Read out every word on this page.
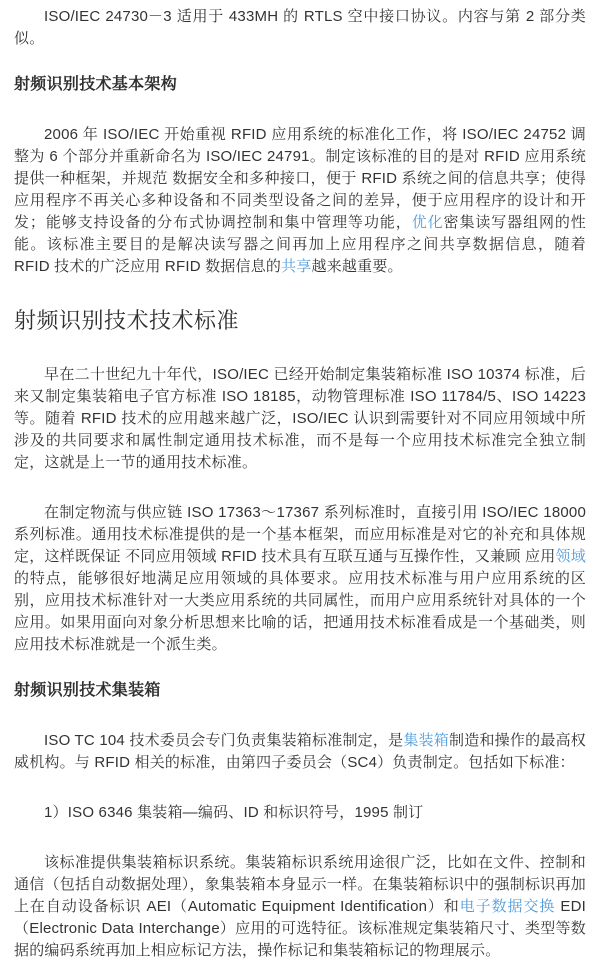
ISO/IEC 24730－3 适用于 433MH 的 RTLS 空中接口协议。内容与第 2 部分类似。

射频识别技术基本架构

2006 年 ISO/IEC 开始重视 RFID 应用系统的标准化工作，将 ISO/IEC 24752 调整为 6 个部分并重新命名为 ISO/IEC 24791。制定该标准的目的是对 RFID 应用系统提供一种框架，并规范 数据安全和多种接口，便于 RFID 系统之间的信息共享；使得应用程序不再关心多种设备和不同类型设备之间的差异，便于应用程序的设计和开发；能够支持设备的分布式协调控制和集中管理等功能，优化密集读写器组网的性能。该标准主要目的是解决读写器之间再加上应用程序之间共享数据信息，随着 RFID 技术的广泛应用 RFID 数据信息的共享越来越重要。

射频识别技术技术标准

早在二十世纪九十年代，ISO/IEC 已经开始制定集装箱标准 ISO 10374 标准，后来又制定集装箱电子官方标准 ISO 18185，动物管理标准 ISO 11784/5、ISO 14223 等。随着 RFID 技术的应用越来越广泛，ISO/IEC 认识到需要针对不同应用领域中所涉及的共同要求和属性制定通用技术标准，而不是每一个应用技术标准完全独立制定，这就是上一节的通用技术标准。

在制定物流与供应链 ISO 17363～17367 系列标准时，直接引用 ISO/IEC 18000 系列标准。通用技术标准提供的是一个基本框架，而应用标准是对它的补充和具体规定，这样既保证 不同应用领域 RFID 技术具有互联互通与互操作性，又兼顾 应用领域的特点，能够很好地满足应用领域的具体要求。应用技术标准与用户应用系统的区别，应用技术标准针对一大类应用系统的共同属性，而用户应用系统针对具体的一个应用。如果用面向对象分析思想来比喻的话，把通用技术标准看成是一个基础类，则应用技术标准就是一个派生类。

射频识别技术集装箱

ISO TC 104 技术委员会专门负责集装箱标准制定，是集装箱制造和操作的最高权威机构。与 RFID 相关的标准，由第四子委员会（SC4）负责制定。包括如下标准：

1）ISO 6346 集装箱—编码、ID 和标识符号，1995 制订

该标准提供集装箱标识系统。集装箱标识系统用途很广泛，比如在文件、控制和通信（包括自动数据处理），象集装箱本身显示一样。在集装箱标识中的强制标识再加上在自动设备标识 AEI（Automatic Equipment Identification）和电子数据交换 EDI（Electronic Data Interchange）应用的可选特征。该标准规定集装箱尺寸、类型等数据的编码系统再加上相应标记方法，操作标记和集装箱标记的物理展示。
